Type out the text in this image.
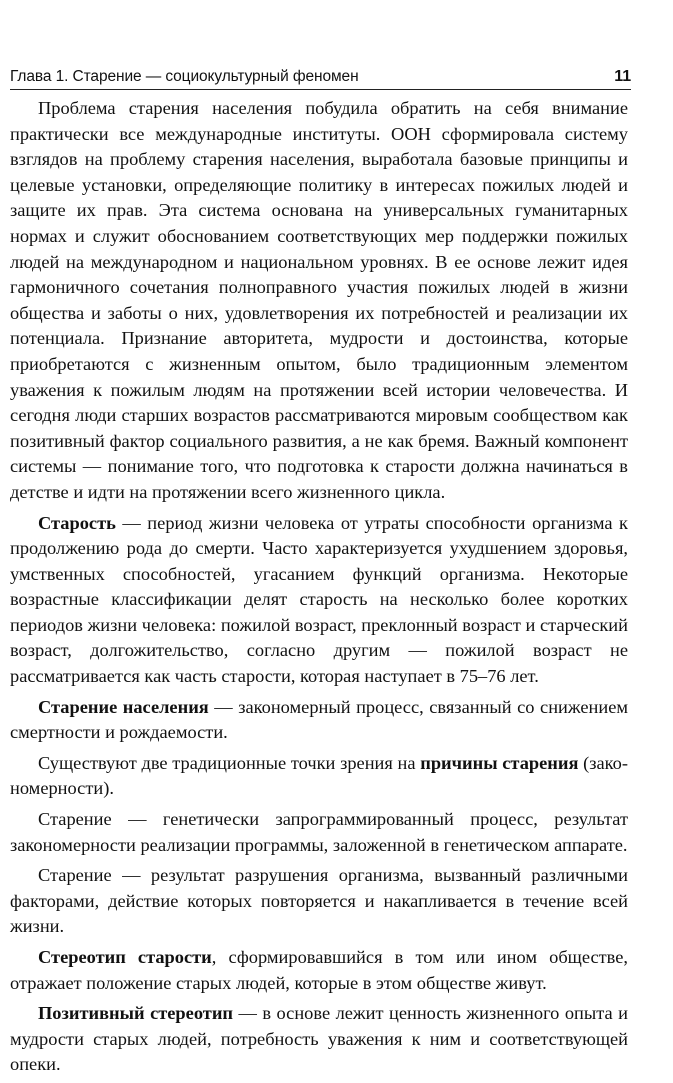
Глава 1. Старение — социокультурный феномен	11

Проблема старения населения побудила обратить на себя внимание практически все международные институты. ООН сформировала систему взглядов на проблему старения населения, выработала базовые принципы и целевые установки, определяющие политику в интересах пожилых людей и защите их прав. Эта система основана на универсальных гуманитарных нормах и служит обоснованием соответствующих мер поддержки пожилых людей на международном и национальном уровнях. В ее основе лежит идея гармоничного сочетания полноправного участия пожилых людей в жизни общества и заботы о них, удовлетворения их потребностей и реализации их потенциала. Признание авторитета, мудрости и достоинства, которые приобретаются с жизненным опытом, было традиционным элементом уважения к пожилым людям на протяжении всей истории человечества. И сегодня люди старших возрастов рассматриваются мировым сообществом как позитивный фактор социального развития, а не как бремя. Важный компонент системы — понимание того, что подготовка к старости должна начинаться в детстве и идти на протяжении всего жизненного цикла.

Старость — период жизни человека от утраты способности организма к продолжению рода до смерти. Часто характеризуется ухудшением здоровья, умственных способностей, угасанием функций организма. Некоторые возрастные классификации делят старость на несколько более коротких периодов жизни человека: пожилой возраст, преклонный возраст и старческий возраст, долгожительство, согласно другим — пожилой возраст не рассматривается как часть старости, которая наступает в 75–76 лет.

Старение населения — закономерный процесс, связанный со снижением смертности и рождаемости.

Существуют две традиционные точки зрения на причины старения (закономерности).

Старение — генетически запрограммированный процесс, результат закономерности реализации программы, заложенной в генетическом аппарате.

Старение — результат разрушения организма, вызванный различными факторами, действие которых повторяется и накапливается в течение всей жизни.

Стереотип старости, сформировавшийся в том или ином обществе, отражает положение старых людей, которые в этом обществе живут.

Позитивный стереотип — в основе лежит ценность жизненного опыта и мудрости старых людей, потребность уважения к ним и соответствующей опеки.
